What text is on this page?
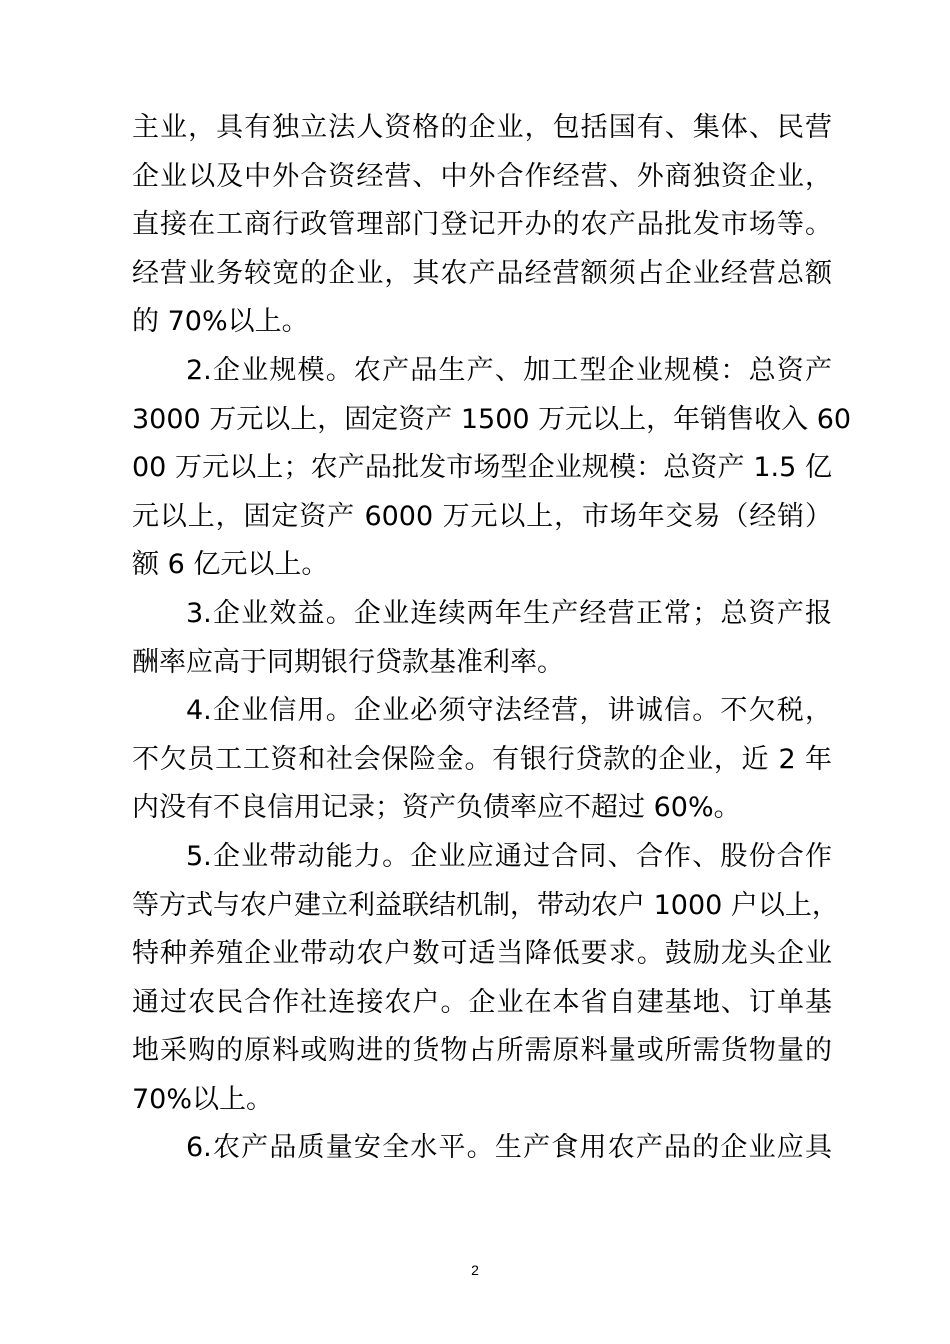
主业，具有独立法人资格的企业，包括国有、集体、民营
企业以及中外合资经营、中外合作经营、外商独资企业，
直接在工商行政管理部门登记开办的农产品批发市场等。
经营业务较宽的企业，其农产品经营额须占企业经营总额
的 70%以上。
2.企业规模。农产品生产、加工型企业规模：总资产
3000 万元以上，固定资产 1500 万元以上，年销售收入 60
00 万元以上；农产品批发市场型企业规模：总资产 1.5 亿
元以上，固定资产 6000 万元以上，市场年交易（经销）
额 6 亿元以上。
3.企业效益。企业连续两年生产经营正常；总资产报
酬率应高于同期银行贷款基准利率。
4.企业信用。企业必须守法经营，讲诚信。不欠税，
不欠员工工资和社会保险金。有银行贷款的企业，近 2 年
内没有不良信用记录；资产负债率应不超过 60%。
5.企业带动能力。企业应通过合同、合作、股份合作
等方式与农户建立利益联结机制，带动农户 1000 户以上，
特种养殖企业带动农户数可适当降低要求。鼓励龙头企业
通过农民合作社连接农户。企业在本省自建基地、订单基
地采购的原料或购进的货物占所需原料量或所需货物量的
70%以上。
6.农产品质量安全水平。生产食用农产品的企业应具
2
